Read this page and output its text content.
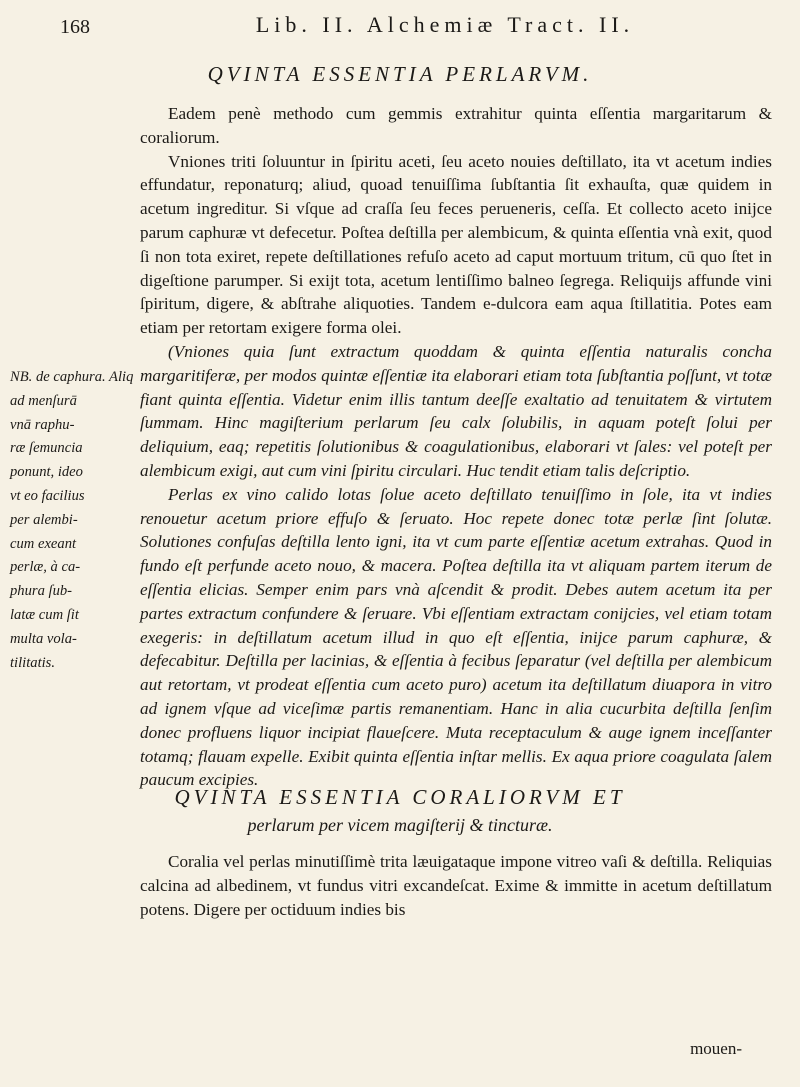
168	Lib. II. Alchemiæ Tract. II.
QVINTA ESSENTIA PERLARVM.

Eadem penè methodo cum gemmis extrahitur quinta eſſentia margaritarum & coraliorum.

Vniones triti ſoluuntur in ſpiritu aceti, ſeu aceto nouies deſtillato, ita vt acetum indies effundatur, reponaturq; aliud, quoad tenuiſſima ſubſtantia ſit exhauſta, quæ quidem in acetum ingreditur. Si vſque ad craſſa ſeu feces perueneris, ceſſa. Et collecto aceto inijce parum caphuræ vt defecetur. Poſtea deſtilla per alembicum, & quinta eſſentia vnà exit, quod ſi non tota exiret, repete deſtillationes refuſo aceto ad caput mortuum tritum, cū quo ſtet in digeſtione parumper. Si exijt tota, acetum lentiſſimo balneo ſegrega. Reliquijs affunde vini ſpiritum, digere, & abſtrahe aliquoties. Tandem e-dulcora eam aqua ſtillatitia. Potes eam etiam per retortam exigere forma olei.

(Vniones quia ſunt extractum quoddam & quinta eſſentia naturalis concha margaritiferæ, per modos quintæ eſſentiæ ita elaborari etiam tota ſubſtantia poſſunt, vt totæ fiant quinta eſſentia. Videtur enim illis tantum deeſſe exaltatio ad tenuitatem & virtutem ſummam. Hinc magiſterium perlarum ſeu calx ſolubilis, in aquam poteſt ſolui per deliquium, eaq; repetitis ſolutionibus & coagulationibus, elaborari vt ſales: vel poteſt per alembicum exigi, aut cum vini ſpiritu circulari. Huc tendit etiam talis deſcriptio.

Perlas ex vino calido lotas ſolue aceto deſtillato tenuiſſimo in ſole, ita vt indies renouetur acetum priore effuſo & ſeruato. Hoc repete donec totæ perlæ ſint ſolutæ. Solutiones confuſas deſtilla lento igni, ita vt cum parte eſſentiæ acetum extrahas. Quod in fundo eſt perfunde aceto nouo, & macera. Poſtea deſtilla ita vt aliquam partem iterum de eſſentia elicias. Semper enim pars vnà aſcendit & prodit. Debes autem acetum ita per partes extractum confundere & ſeruare. Vbi eſſentiam extractam conijcies, vel etiam totam exegeris: in deſtillatum acetum illud in quo eſt eſſentia, inijce parum caphuræ, & defecabitur. Deſtilla per lacinias, & eſſentia à fecibus ſeparatur (vel deſtilla per alembicum aut retortam, vt prodeat eſſentia cum aceto puro) acetum ita deſtillatum diuapora in vitro ad ignem vſque ad viceſimæ partis remanentiam. Hanc in alia cucurbita deſtilla ſenſim donec profluens liquor incipiat flaueſcere. Muta receptaculum & auge ignem inceſſanter totamq; flauam expelle. Exibit quinta eſſentia inſtar mellis. Ex aqua priore coagulata ſalem paucum excipies.

NB. de caphura. Aliq
ad menſurā
vnā raphu-
ræ ſemuncia
ponunt, ideo
vt eo facilius
per alembi-
cum exeant
perlæ, à ca-
phura ſub-
latæ cum ſit
multa vola-
tilitatis.
QVINTA ESSENTIA CORALIORVM ET
perlarum per vicem magiſterij & tincturæ.

Coralia vel perlas minutiſſimè trita læuigataque impone vitreo vaſi & deſtilla. Reliquias calcina ad albedinem, vt fundus vitri excandeſcat. Exime & immitte in acetum deſtillatum potens. Digere per octiduum indies bis

mouen-
